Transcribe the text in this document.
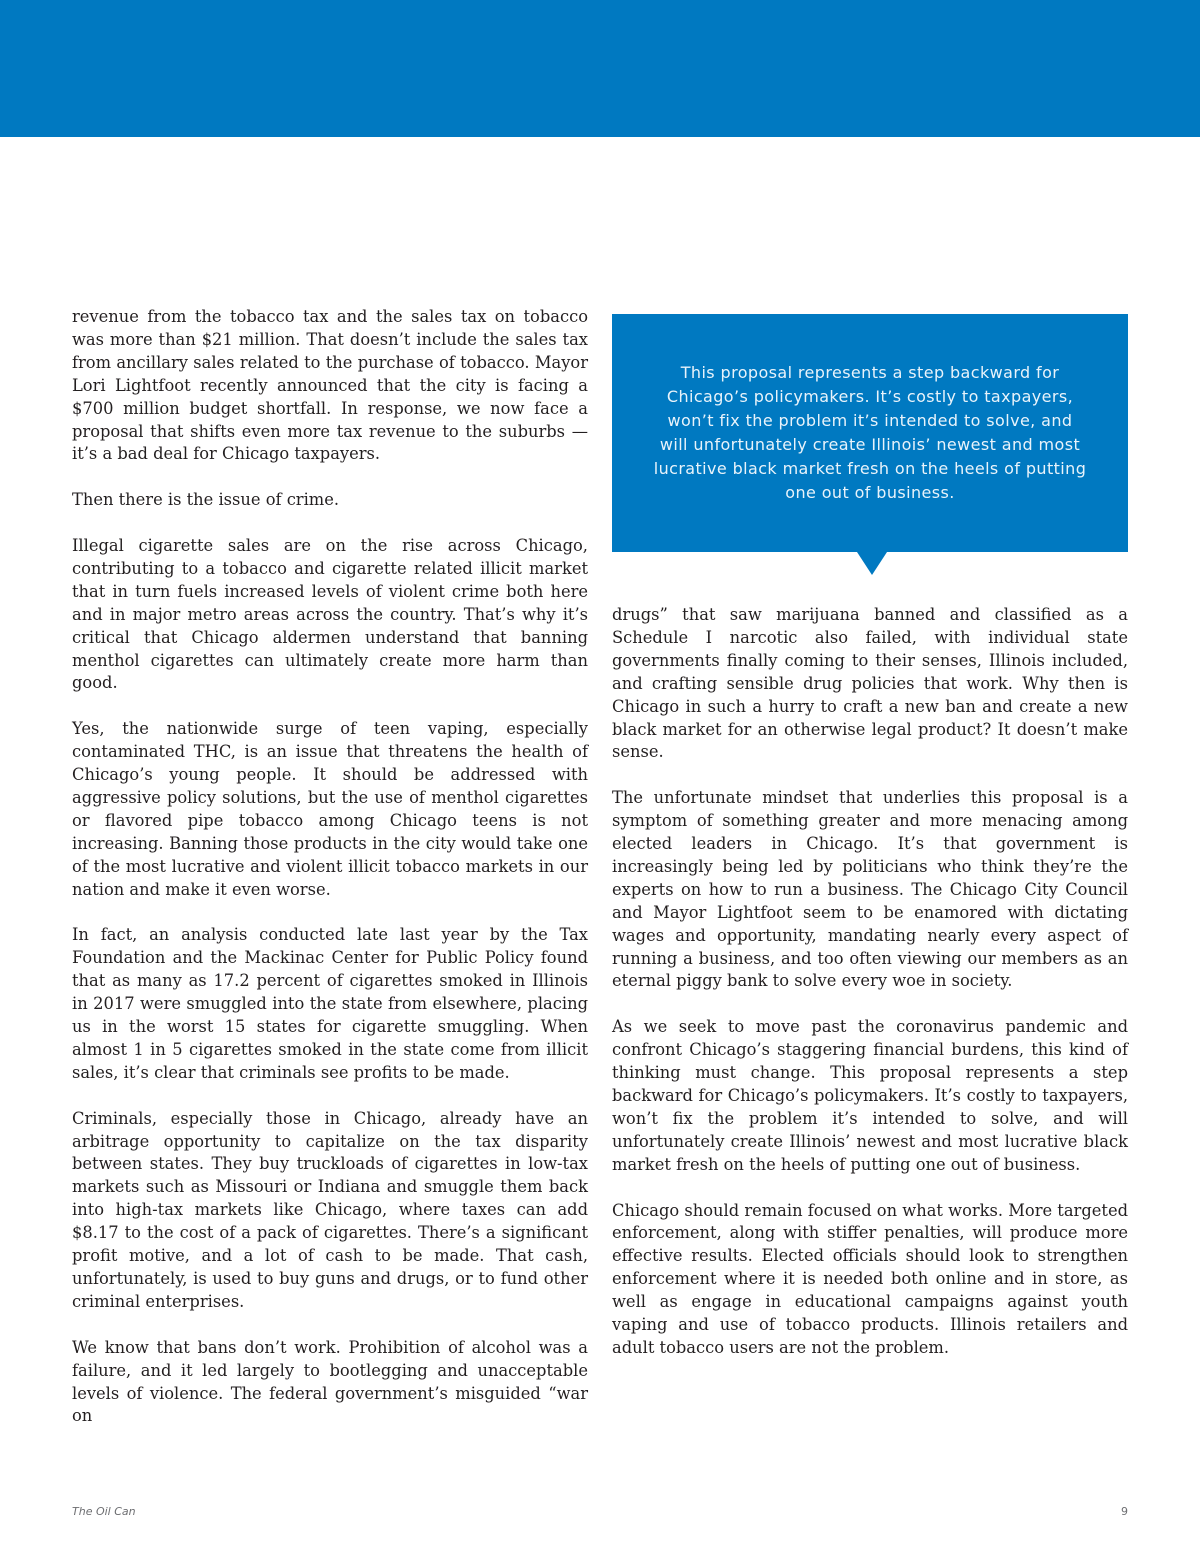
revenue from the tobacco tax and the sales tax on tobacco was more than $21 million. That doesn’t include the sales tax from ancillary sales related to the purchase of tobacco. Mayor Lori Lightfoot recently announced that the city is facing a $700 million budget shortfall. In response, we now face a proposal that shifts even more tax revenue to the suburbs — it’s a bad deal for Chicago taxpayers.

Then there is the issue of crime.

Illegal cigarette sales are on the rise across Chicago, contributing to a tobacco and cigarette related illicit market that in turn fuels increased levels of violent crime both here and in major metro areas across the country. That’s why it’s critical that Chicago aldermen understand that banning menthol cigarettes can ultimately create more harm than good.

Yes, the nationwide surge of teen vaping, especially contaminated THC, is an issue that threatens the health of Chicago’s young people. It should be addressed with aggressive policy solutions, but the use of menthol cigarettes or flavored pipe tobacco among Chicago teens is not increasing. Banning those products in the city would take one of the most lucrative and violent illicit tobacco markets in our nation and make it even worse.

In fact, an analysis conducted late last year by the Tax Foundation and the Mackinac Center for Public Policy found that as many as 17.2 percent of cigarettes smoked in Illinois in 2017 were smuggled into the state from elsewhere, placing us in the worst 15 states for cigarette smuggling. When almost 1 in 5 cigarettes smoked in the state come from illicit sales, it’s clear that criminals see profits to be made.

Criminals, especially those in Chicago, already have an arbitrage opportunity to capitalize on the tax disparity between states. They buy truckloads of cigarettes in low-tax markets such as Missouri or Indiana and smuggle them back into high-tax markets like Chicago, where taxes can add $8.17 to the cost of a pack of cigarettes. There’s a significant profit motive, and a lot of cash to be made. That cash, unfortunately, is used to buy guns and drugs, or to fund other criminal enterprises.

We know that bans don’t work. Prohibition of alcohol was a failure, and it led largely to bootlegging and unacceptable levels of violence. The federal government’s misguided “war on

This proposal represents a step backward for Chicago’s policymakers. It’s costly to taxpayers, won’t fix the problem it’s intended to solve, and will unfortunately create Illinois’ newest and most lucrative black market fresh on the heels of putting one out of business.

drugs” that saw marijuana banned and classified as a Schedule I narcotic also failed, with individual state governments finally coming to their senses, Illinois included, and crafting sensible drug policies that work. Why then is Chicago in such a hurry to craft a new ban and create a new black market for an otherwise legal product? It doesn’t make sense.

The unfortunate mindset that underlies this proposal is a symptom of something greater and more menacing among elected leaders in Chicago. It’s that government is increasingly being led by politicians who think they’re the experts on how to run a business. The Chicago City Council and Mayor Lightfoot seem to be enamored with dictating wages and opportunity, mandating nearly every aspect of running a business, and too often viewing our members as an eternal piggy bank to solve every woe in society.

As we seek to move past the coronavirus pandemic and confront Chicago’s staggering financial burdens, this kind of thinking must change. This proposal represents a step backward for Chicago’s policymakers. It’s costly to taxpayers, won’t fix the problem it’s intended to solve, and will unfortunately create Illinois’ newest and most lucrative black market fresh on the heels of putting one out of business.

Chicago should remain focused on what works. More targeted enforcement, along with stiffer penalties, will produce more effective results. Elected officials should look to strengthen enforcement where it is needed both online and in store, as well as engage in educational campaigns against youth vaping and use of tobacco products. Illinois retailers and adult tobacco users are not the problem.

The Oil Can	9
